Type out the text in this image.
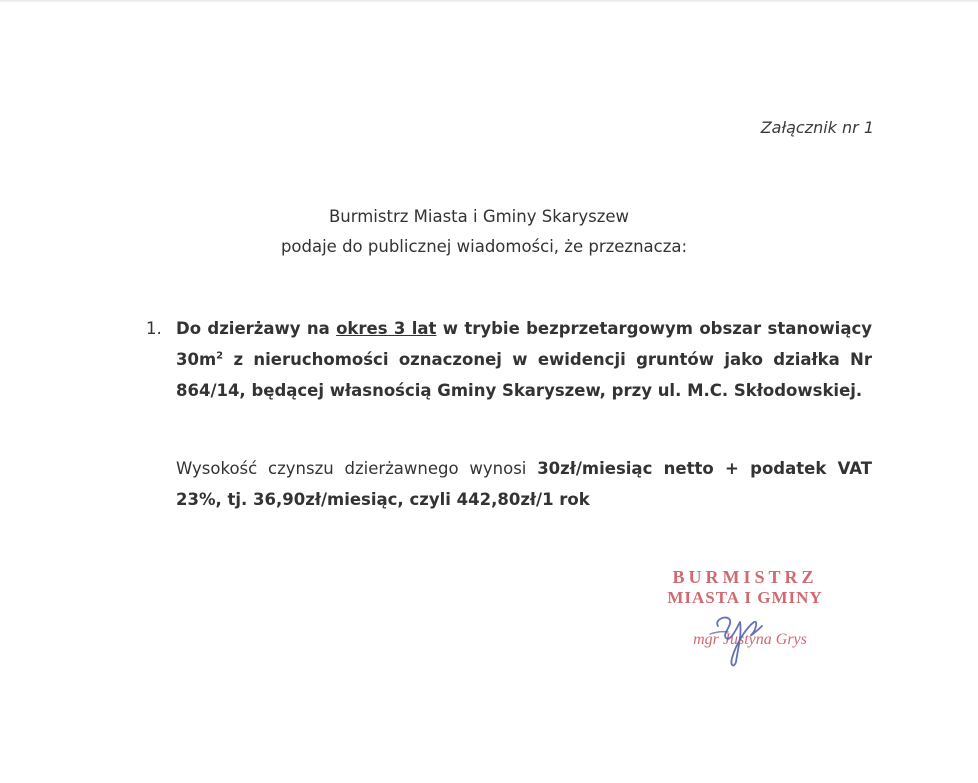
Załącznik nr 1
Burmistrz Miasta i Gminy Skaryszew
podaje do publicznej wiadomości, że przeznacza:
1. Do dzierżawy na okres 3 lat w trybie bezprzetargowym obszar stanowiący $30m^2$ z nieruchomości oznaczonej w ewidencji gruntów jako działka Nr 864/14, będącej własnością Gminy Skaryszew, przy ul. M.C. Skłodowskiej.
Wysokość czynszu dzierżawnego wynosi 30zł/miesiąc netto + podatek VAT 23%, tj. 36,90zł/miesiąc, czyli 442,80zł/1 rok
BURMISTRZ
MIASTA I GMINY
mgr Justyna Grys
